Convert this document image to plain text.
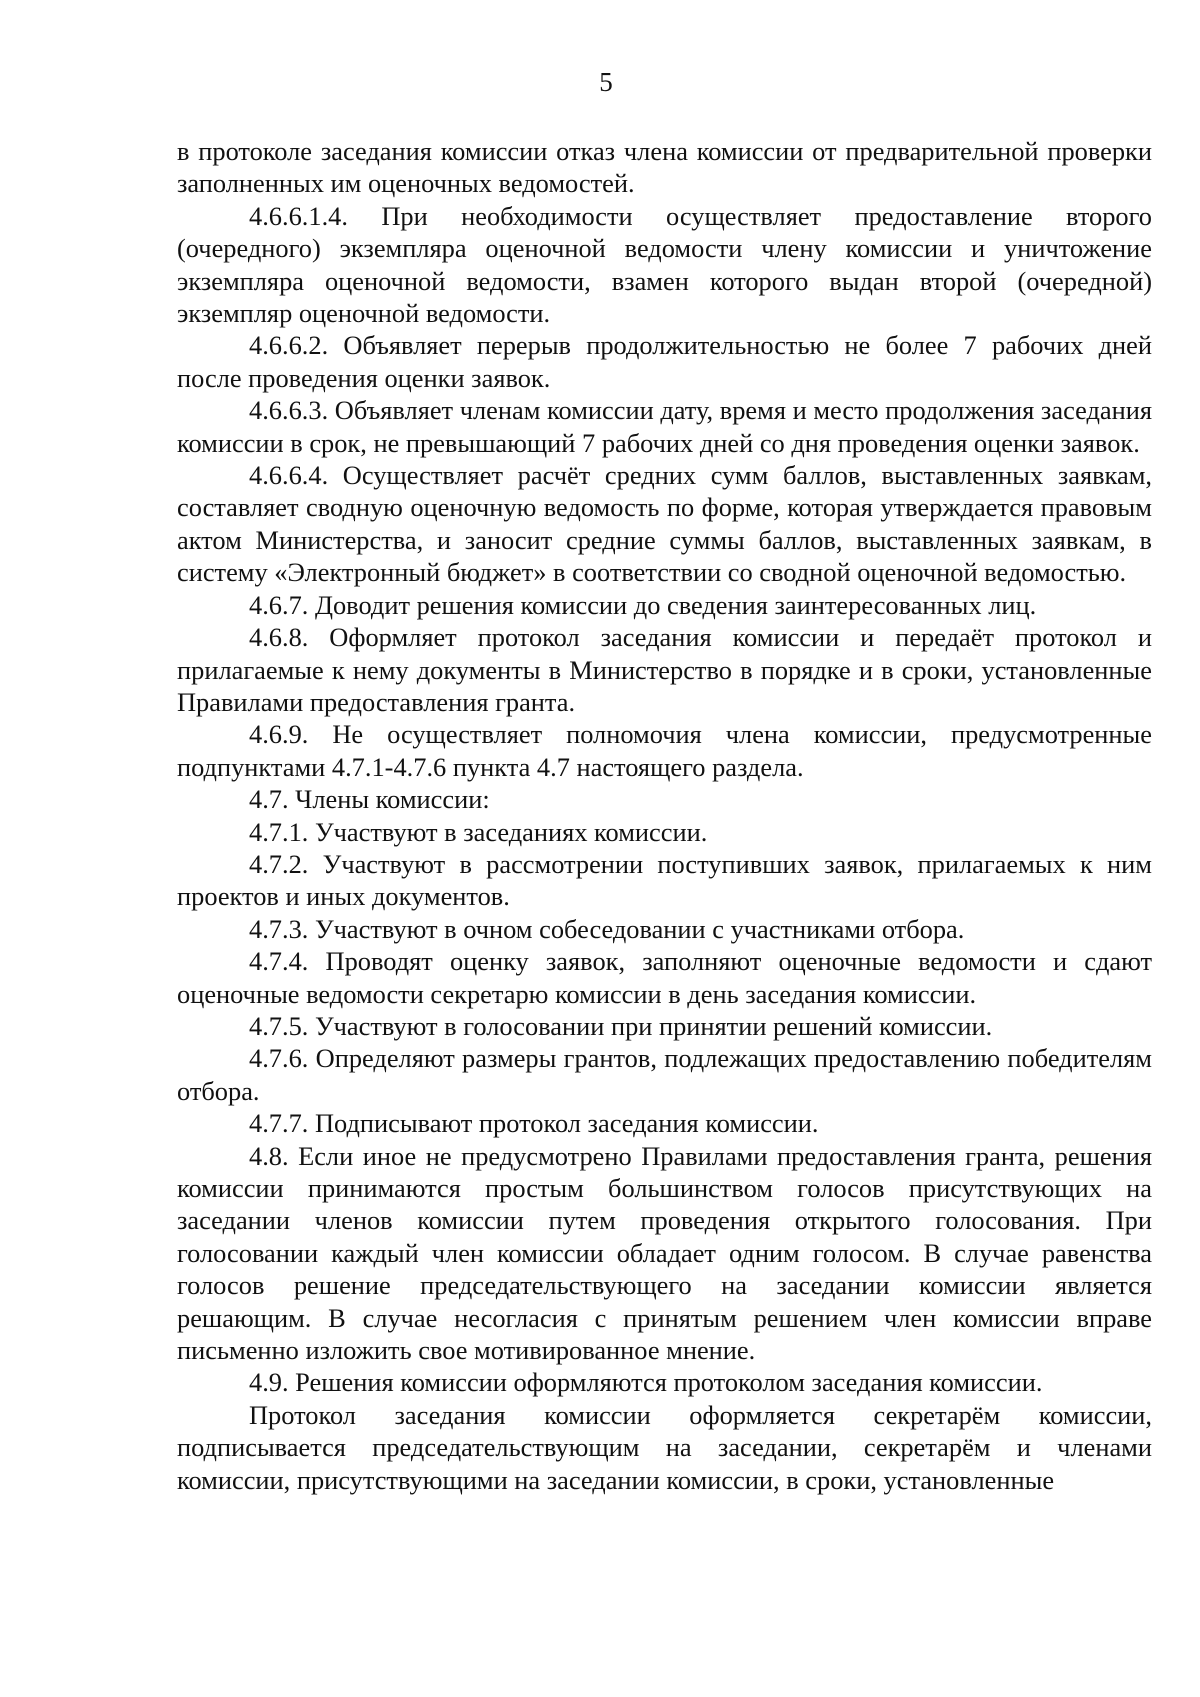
5

в протоколе заседания комиссии отказ члена комиссии от предварительной проверки заполненных им оценочных ведомостей.

4.6.6.1.4. При необходимости осуществляет предоставление второго (очередного) экземпляра оценочной ведомости члену комиссии и уничтожение экземпляра оценочной ведомости, взамен которого выдан второй (очередной) экземпляр оценочной ведомости.

4.6.6.2. Объявляет перерыв продолжительностью не более 7 рабочих дней после проведения оценки заявок.

4.6.6.3. Объявляет членам комиссии дату, время и место продолжения заседания комиссии в срок, не превышающий 7 рабочих дней со дня проведения оценки заявок.

4.6.6.4. Осуществляет расчёт средних сумм баллов, выставленных заявкам, составляет сводную оценочную ведомость по форме, которая утверждается правовым актом Министерства, и заносит средние суммы баллов, выставленных заявкам, в систему «Электронный бюджет» в соответствии со сводной оценочной ведомостью.

4.6.7. Доводит решения комиссии до сведения заинтересованных лиц.

4.6.8. Оформляет протокол заседания комиссии и передаёт протокол и прилагаемые к нему документы в Министерство в порядке и в сроки, установленные Правилами предоставления гранта.

4.6.9. Не осуществляет полномочия члена комиссии, предусмотренные подпунктами 4.7.1-4.7.6 пункта 4.7 настоящего раздела.

4.7. Члены комиссии:

4.7.1. Участвуют в заседаниях комиссии.

4.7.2. Участвуют в рассмотрении поступивших заявок, прилагаемых к ним проектов и иных документов.

4.7.3. Участвуют в очном собеседовании с участниками отбора.

4.7.4. Проводят оценку заявок, заполняют оценочные ведомости и сдают оценочные ведомости секретарю комиссии в день заседания комиссии.

4.7.5. Участвуют в голосовании при принятии решений комиссии.

4.7.6. Определяют размеры грантов, подлежащих предоставлению победителям отбора.

4.7.7. Подписывают протокол заседания комиссии.

4.8. Если иное не предусмотрено Правилами предоставления гранта, решения комиссии принимаются простым большинством голосов присутствующих на заседании членов комиссии путем проведения открытого голосования. При голосовании каждый член комиссии обладает одним голосом. В случае равенства голосов решение председательствующего на заседании комиссии является решающим. В случае несогласия с принятым решением член комиссии вправе письменно изложить свое мотивированное мнение.

4.9. Решения комиссии оформляются протоколом заседания комиссии.

Протокол заседания комиссии оформляется секретарём комиссии, подписывается председательствующим на заседании, секретарём и членами комиссии, присутствующими на заседании комиссии, в сроки, установленные
